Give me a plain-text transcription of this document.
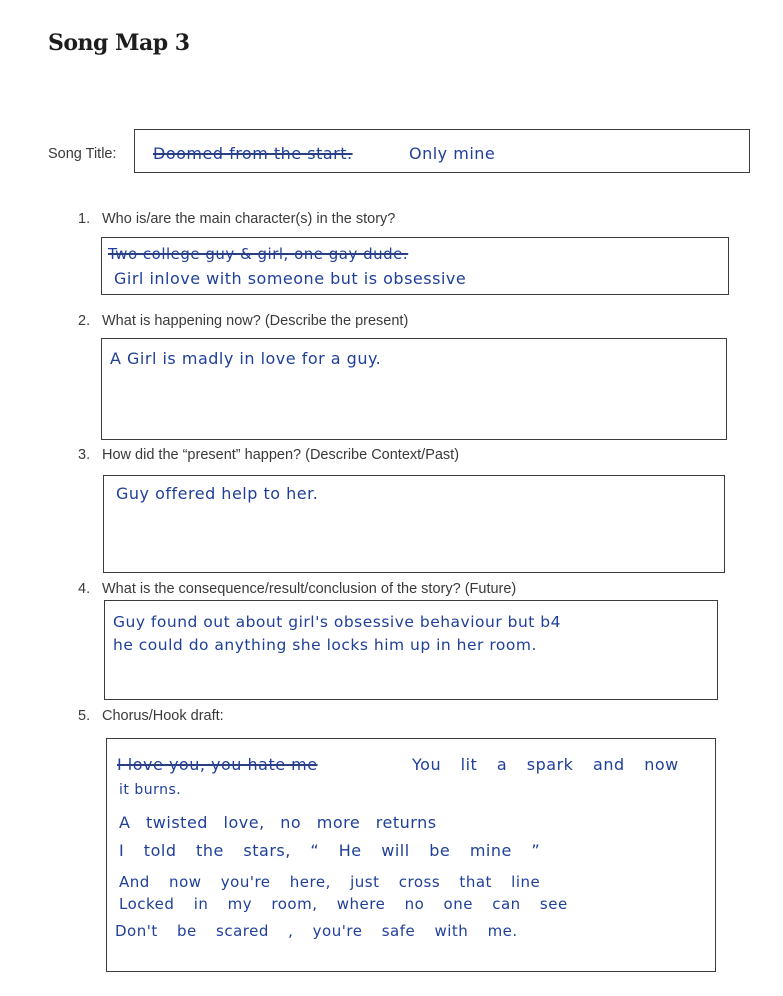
Song Map 3
Song Title: Doomed from the start.	Only mine
1. Who is/are the main character(s) in the story?
Two college guy & girl, one gay dude.
Girl inlove with someone but is obsessive
2. What is happening now? (Describe the present)
A Girl is madly in love for a guy.
3. How did the “present” happen? (Describe Context/Past)
Guy offered help to her.
4. What is the consequence/result/conclusion of the story? (Future)
Guy found out about girl's obsessive behaviour but b4
he could do anything she locks him up in her room.
5. Chorus/Hook draft:
I love you, you hate me	You lit a spark and now
it burns.
A twisted love, no more returns
I told the stars, “ He will be mine ”
And now you're here, just cross that line
Locked in my room, where no one can see
Don't be scared , you're safe with me.
